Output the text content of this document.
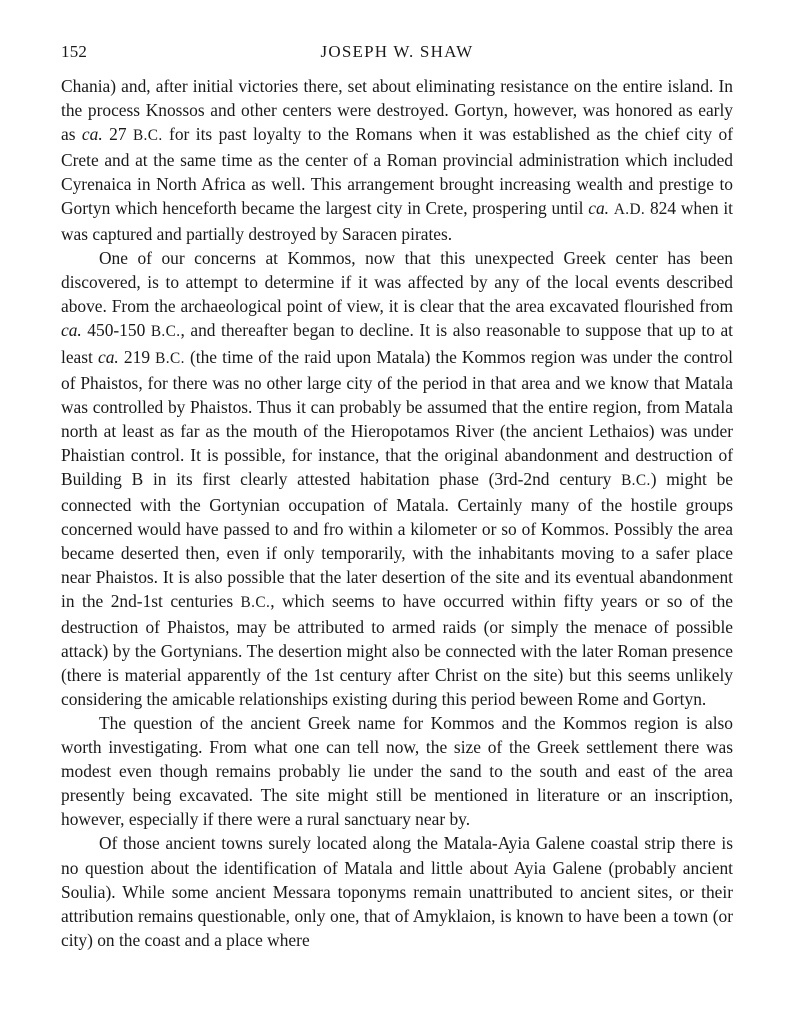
152	JOSEPH W. SHAW

Chania) and, after initial victories there, set about eliminating resistance on the entire island. In the process Knossos and other centers were destroyed. Gortyn, however, was honored as early as ca. 27 B.C. for its past loyalty to the Romans when it was established as the chief city of Crete and at the same time as the center of a Roman provincial administration which included Cyrenaica in North Africa as well. This arrangement brought increasing wealth and prestige to Gortyn which henceforth became the largest city in Crete, prospering until ca. A.D. 824 when it was captured and partially destroyed by Saracen pirates.

One of our concerns at Kommos, now that this unexpected Greek center has been discovered, is to attempt to determine if it was affected by any of the local events described above. From the archaeological point of view, it is clear that the area excavated flourished from ca. 450-150 B.C., and thereafter began to decline. It is also reasonable to suppose that up to at least ca. 219 B.C. (the time of the raid upon Matala) the Kommos region was under the control of Phaistos, for there was no other large city of the period in that area and we know that Matala was controlled by Phaistos. Thus it can probably be assumed that the entire region, from Matala north at least as far as the mouth of the Hieropotamos River (the ancient Lethaios) was under Phaistian control. It is possible, for instance, that the original abandonment and destruction of Building B in its first clearly attested habitation phase (3rd-2nd century B.C.) might be connected with the Gortynian occupation of Matala. Certainly many of the hostile groups concerned would have passed to and fro within a kilometer or so of Kommos. Possibly the area became deserted then, even if only temporarily, with the inhabitants moving to a safer place near Phaistos. It is also possible that the later desertion of the site and its eventual abandonment in the 2nd-1st centuries B.C., which seems to have occurred within fifty years or so of the destruction of Phaistos, may be attributed to armed raids (or simply the menace of possible attack) by the Gortynians. The desertion might also be connected with the later Roman presence (there is material apparently of the 1st century after Christ on the site) but this seems unlikely considering the amicable relationships existing during this period beween Rome and Gortyn.

The question of the ancient Greek name for Kommos and the Kommos region is also worth investigating. From what one can tell now, the size of the Greek settlement there was modest even though remains probably lie under the sand to the south and east of the area presently being excavated. The site might still be mentioned in literature or an inscription, however, especially if there were a rural sanctuary near by.

Of those ancient towns surely located along the Matala-Ayia Galene coastal strip there is no question about the identification of Matala and little about Ayia Galene (probably ancient Soulia). While some ancient Messara toponyms remain unattributed to ancient sites, or their attribution remains questionable, only one, that of Amyklaion, is known to have been a town (or city) on the coast and a place where
